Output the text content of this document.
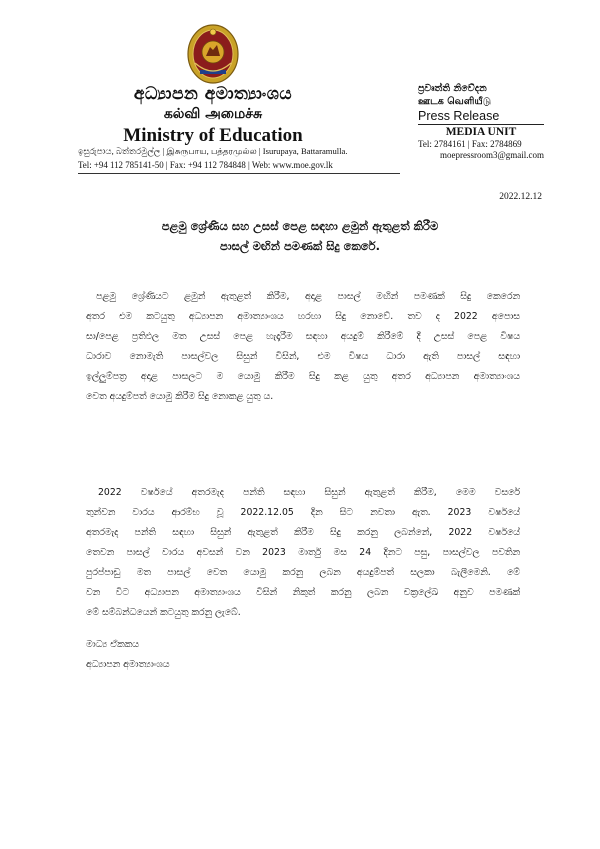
අධ්‍යාපන අමාත්‍යාංශය
கல்வி அமைச்சு
Ministry of Education
ඉසුරුපාය, බත්තරමුල්ල | இசுருபாய, பத்தரமுல்ல | Isurupaya, Battaramulla.
Tel: +94 112 785141-50 | Fax: +94 112 784848 | Web: www.moe.gov.lk
ප්‍රවෘත්ති නිවේදන
ஊடக வெளியீடு
Press Release
MEDIA UNIT
Tel: 2784161 | Fax: 2784869
moepressroom3@gmail.com
2022.12.12
පළමු ශ්‍රේණිය සහ උසස් පෙළ සඳහා ළමුන් ඇතුළත් කිරීම
පාසල් මඟින් පමණක් සිදු කෙරේ.
පළමු ශ්‍රේණියට ළමුන් ඇතුළත් කිරීම, අදාළ පාසල් මඟින් පමණක් සිදු කෙරෙන
අතර එම කටයුතු අධ්‍යාපන අමාත්‍යාංශය හරහා සිදු නොවේ. තව ද 2022 අපොස
සා/පෙළ ප්‍රතිඵල මත උසස් පෙළ හැදෑරීම සඳහා අයදුම් කිරීමේ දී උසස් පෙළ විෂය
ධාරාව නොමැති පාසල්වල සිසුන් විසින්, එම විෂය ධාරා ඇති පාසල් සඳහා
ඉල්ලුම්පත්‍ර අදාළ පාසලට ම යොමු කිරීම සිදු කළ යුතු අතර අධ්‍යාපන අමාත්‍යාංශය
වෙත අයදුම්පත් යොමු කිරීම සිදු නොකළ යුතු ය.
2022 වර්ෂයේ අතරමැද පන්ති සඳහා සිසුන් ඇතුළත් කිරීම, මෙම වසරේ
තුන්වන වාරය ආරම්භ වූ 2022.12.05 දින සිට නවතා ඇත. 2023 වර්ෂයේ
අතරමැද පන්ති සඳහා සිසුන් ඇතුළත් කිරීම සිදු කරනු ලබන්නේ, 2022 වර්ෂයේ
තෙවන පාසල් වාරය අවසන් වන 2023 මාර්තු මස 24 දිනට පසු, පාසල්වල පවතින
පුරප්පාඩු මත පාසල් වෙත යොමු කරනු ලබන අයදුම්පත් සලකා බැලීමෙනි. මේ
වන විට අධ්‍යාපන අමාත්‍යාංශය විසින් නිකුත් කරනු ලබන චක්‍රලේඛ අනුව පමණක්
මේ සම්බන්ධයෙන් කටයුතු කරනු ලැබේ.
මාධ්‍ය ඒකකය
අධ්‍යාපන අමාත්‍යාංශය
